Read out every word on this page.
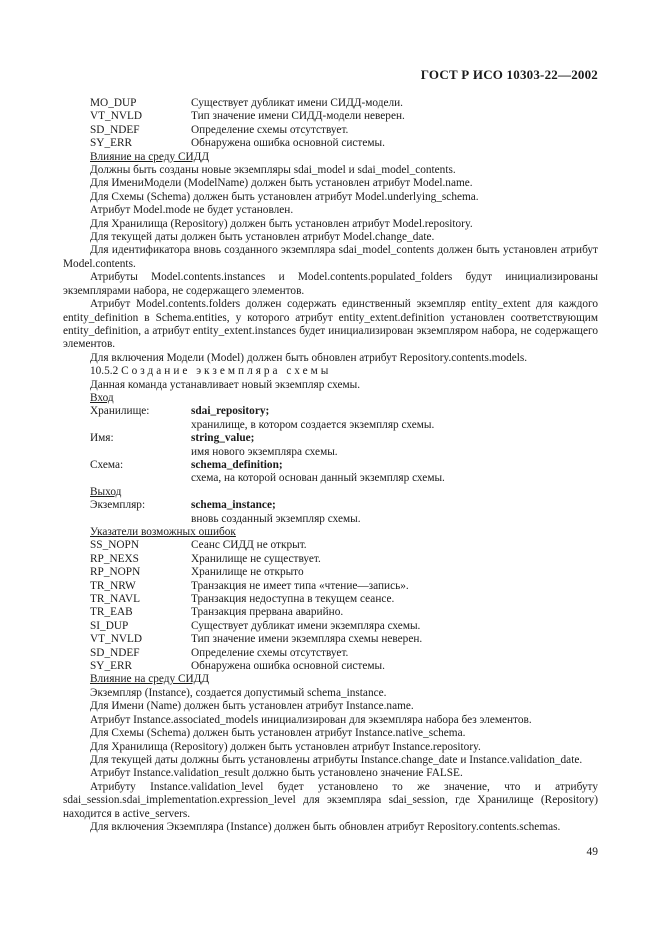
ГОСТ Р ИСО 10303-22—2002
MO_DUP	Существует дубликат имени СИДД-модели.
VT_NVLD	Тип значение имени СИДД-модели неверен.
SD_NDEF	Определение схемы отсутствует.
SY_ERR	Обнаружена ошибка основной системы.
Влияние на среду СИДД
Должны быть созданы новые экземпляры sdai_model и sdai_model_contents.
Для ИмениМодели (ModelName) должен быть установлен атрибут Model.name.
Для Схемы (Schema) должен быть установлен атрибут Model.underlying_schema.
Атрибут Model.mode не будет установлен.
Для Хранилища (Repository) должен быть установлен атрибут Model.repository.
Для текущей даты должен быть установлен атрибут Model.change_date.

Для идентификатора вновь созданного экземпляра sdai_model_contents должен быть установлен атрибут Model.contents.

Атрибуты Model.contents.instances и Model.contents.populated_folders будут инициализированы экземплярами набора, не содержащего элементов.

Атрибут Model.contents.folders должен содержать единственный экземпляр entity_extent для каждого entity_definition в Schema.entities, у которого атрибут entity_extent.definition установлен соответствующим entity_definition, а атрибут entity_extent.instances будет инициализирован экземпляром набора, не содержащего элементов.

Для включения Модели (Model) должен быть обновлен атрибут Repository.contents.models.
10.5.2 Создание экземпляра схемы
Данная команда устанавливает новый экземпляр схемы.
Вход
Хранилище:	sdai_repository;
хранилище, в котором создается экземпляр схемы.
Имя:	string_value;
имя нового экземпляра схемы.
Схема:	schema_definition;
схема, на которой основан данный экземпляр схемы.
Выход
Экземпляр:	schema_instance;
вновь созданный экземпляр схемы.
Указатели возможных ошибок
SS_NOPN	Сеанс СИДД не открыт.
RP_NEXS	Хранилище не существует.
RP_NOPN	Хранилище не открыто
TR_NRW	Транзакция не имеет типа «чтение—запись».
TR_NAVL	Транзакция недоступна в текущем сеансе.
TR_EAB	Транзакция прервана аварийно.
SI_DUP	Существует дубликат имени экземпляра схемы.
VT_NVLD	Тип значение имени экземпляра схемы неверен.
SD_NDEF	Определение схемы отсутствует.
SY_ERR	Обнаружена ошибка основной системы.
Влияние на среду СИДД
Экземпляр (Instance), создается допустимый schema_instance.
Для Имени (Name) должен быть установлен атрибут Instance.name.
Атрибут Instance.associated_models инициализирован для экземпляра набора без элементов.
Для Схемы (Schema) должен быть установлен атрибут Instance.native_schema.
Для Хранилища (Repository) должен быть установлен атрибут Instance.repository.

Для текущей даты должны быть установлены атрибуты Instance.change_date и Instance.validation_date.

Атрибут Instance.validation_result должно быть установлено значение FALSE.

Атрибуту Instance.validation_level будет установлено то же значение, что и атрибуту sdai_session.sdai_implementation.expression_level для экземпляра sdai_session, где Хранилище (Repository) находится в active_servers.

Для включения Экземпляра (Instance) должен быть обновлен атрибут Repository.contents.schemas.
49
